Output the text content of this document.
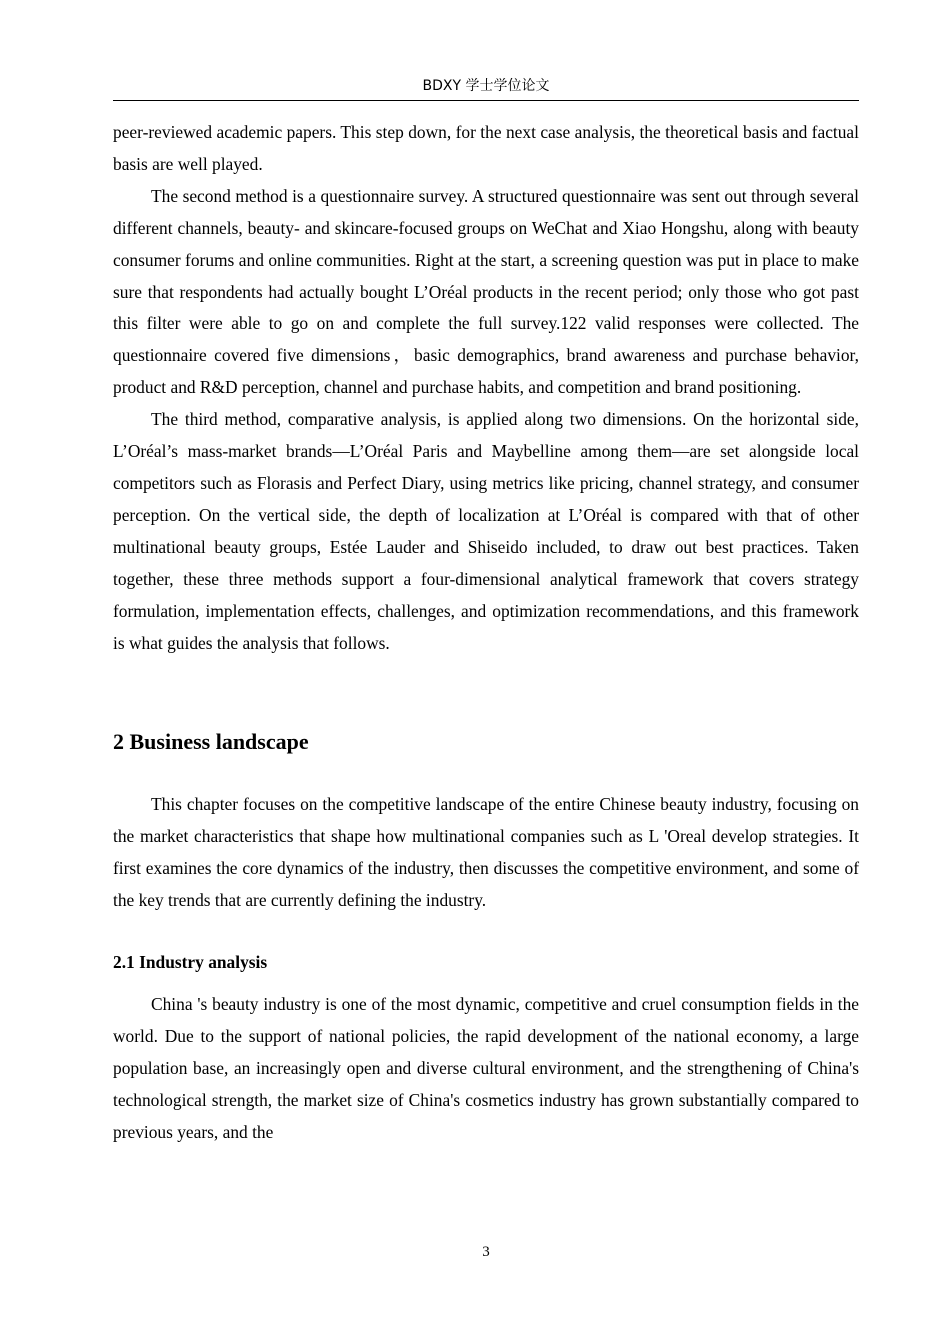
BDXY 学士学位论文

peer-reviewed academic papers. This step down, for the next case analysis, the theoretical basis and factual basis are well played.

The second method is a questionnaire survey. A structured questionnaire was sent out through several different channels, beauty- and skincare-focused groups on WeChat and Xiao Hongshu, along with beauty consumer forums and online communities. Right at the start, a screening question was put in place to make sure that respondents had actually bought L’Oréal products in the recent period; only those who got past this filter were able to go on and complete the full survey.122 valid responses were collected. The questionnaire covered five dimensions，basic demographics, brand awareness and purchase behavior, product and R&D perception, channel and purchase habits, and competition and brand positioning.

The third method, comparative analysis, is applied along two dimensions. On the horizontal side, L’Oréal’s mass-market brands—L’Oréal Paris and Maybelline among them—are set alongside local competitors such as Florasis and Perfect Diary, using metrics like pricing, channel strategy, and consumer perception. On the vertical side, the depth of localization at L’Oréal is compared with that of other multinational beauty groups, Estée Lauder and Shiseido included, to draw out best practices. Taken together, these three methods support a four-dimensional analytical framework that covers strategy formulation, implementation effects, challenges, and optimization recommendations, and this framework is what guides the analysis that follows.

2 Business landscape

This chapter focuses on the competitive landscape of the entire Chinese beauty industry, focusing on the market characteristics that shape how multinational companies such as L 'Oreal develop strategies. It first examines the core dynamics of the industry, then discusses the competitive environment, and some of the key trends that are currently defining the industry.

2.1 Industry analysis

China 's beauty industry is one of the most dynamic, competitive and cruel consumption fields in the world. Due to the support of national policies, the rapid development of the national economy, a large population base, an increasingly open and diverse cultural environment, and the strengthening of China's technological strength, the market size of China's cosmetics industry has grown substantially compared to previous years, and the

3
